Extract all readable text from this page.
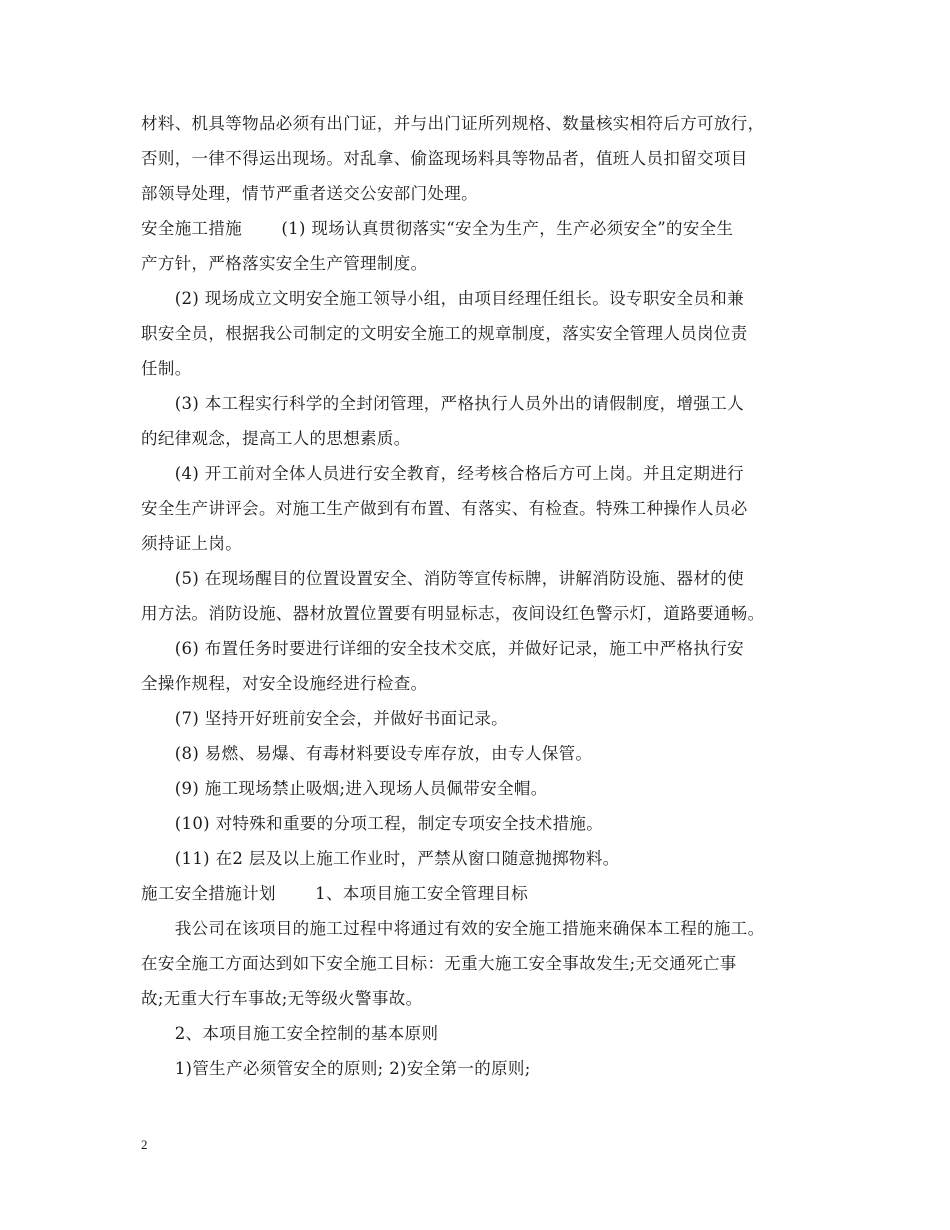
材料、机具等物品必须有出门证，并与出门证所列规格、数量核实相符后方可放行，
否则，一律不得运出现场。对乱拿、偷盗现场料具等物品者，值班人员扣留交项目
部领导处理，情节严重者送交公安部门处理。
安全施工措施　　 (1) 现场认真贯彻落实“安全为生产，生产必须安全”的安全生
产方针，严格落实安全生产管理制度。
　　(2) 现场成立文明安全施工领导小组，由项目经理任组长。设专职安全员和兼
职安全员，根据我公司制定的文明安全施工的规章制度，落实安全管理人员岗位责
任制。
　　(3) 本工程实行科学的全封闭管理，严格执行人员外出的请假制度，增强工人
的纪律观念，提高工人的思想素质。
　　(4) 开工前对全体人员进行安全教育，经考核合格后方可上岗。并且定期进行
安全生产讲评会。对施工生产做到有布置、有落实、有检查。特殊工种操作人员必
须持证上岗。
　　(5) 在现场醒目的位置设置安全、消防等宣传标牌，讲解消防设施、器材的使
用方法。消防设施、器材放置位置要有明显标志，夜间设红色警示灯，道路要通畅。
　　(6) 布置任务时要进行详细的安全技术交底，并做好记录，施工中严格执行安
全操作规程，对安全设施经进行检查。
　　(7) 坚持开好班前安全会，并做好书面记录。
　　(8) 易燃、易爆、有毒材料要设专库存放，由专人保管。
　　(9) 施工现场禁止吸烟;进入现场人员佩带安全帽。
　　(10) 对特殊和重要的分项工程，制定专项安全技术措施。
　　(11) 在2 层及以上施工作业时，严禁从窗口随意抛掷物料。
施工安全措施计划　　 1、本项目施工安全管理目标
　　我公司在该项目的施工过程中将通过有效的安全施工措施来确保本工程的施工。
在安全施工方面达到如下安全施工目标：无重大施工安全事故发生;无交通死亡事
故;无重大行车事故;无等级火警事故。
　　2、本项目施工安全控制的基本原则
　　1)管生产必须管安全的原则; 2)安全第一的原则;
2
